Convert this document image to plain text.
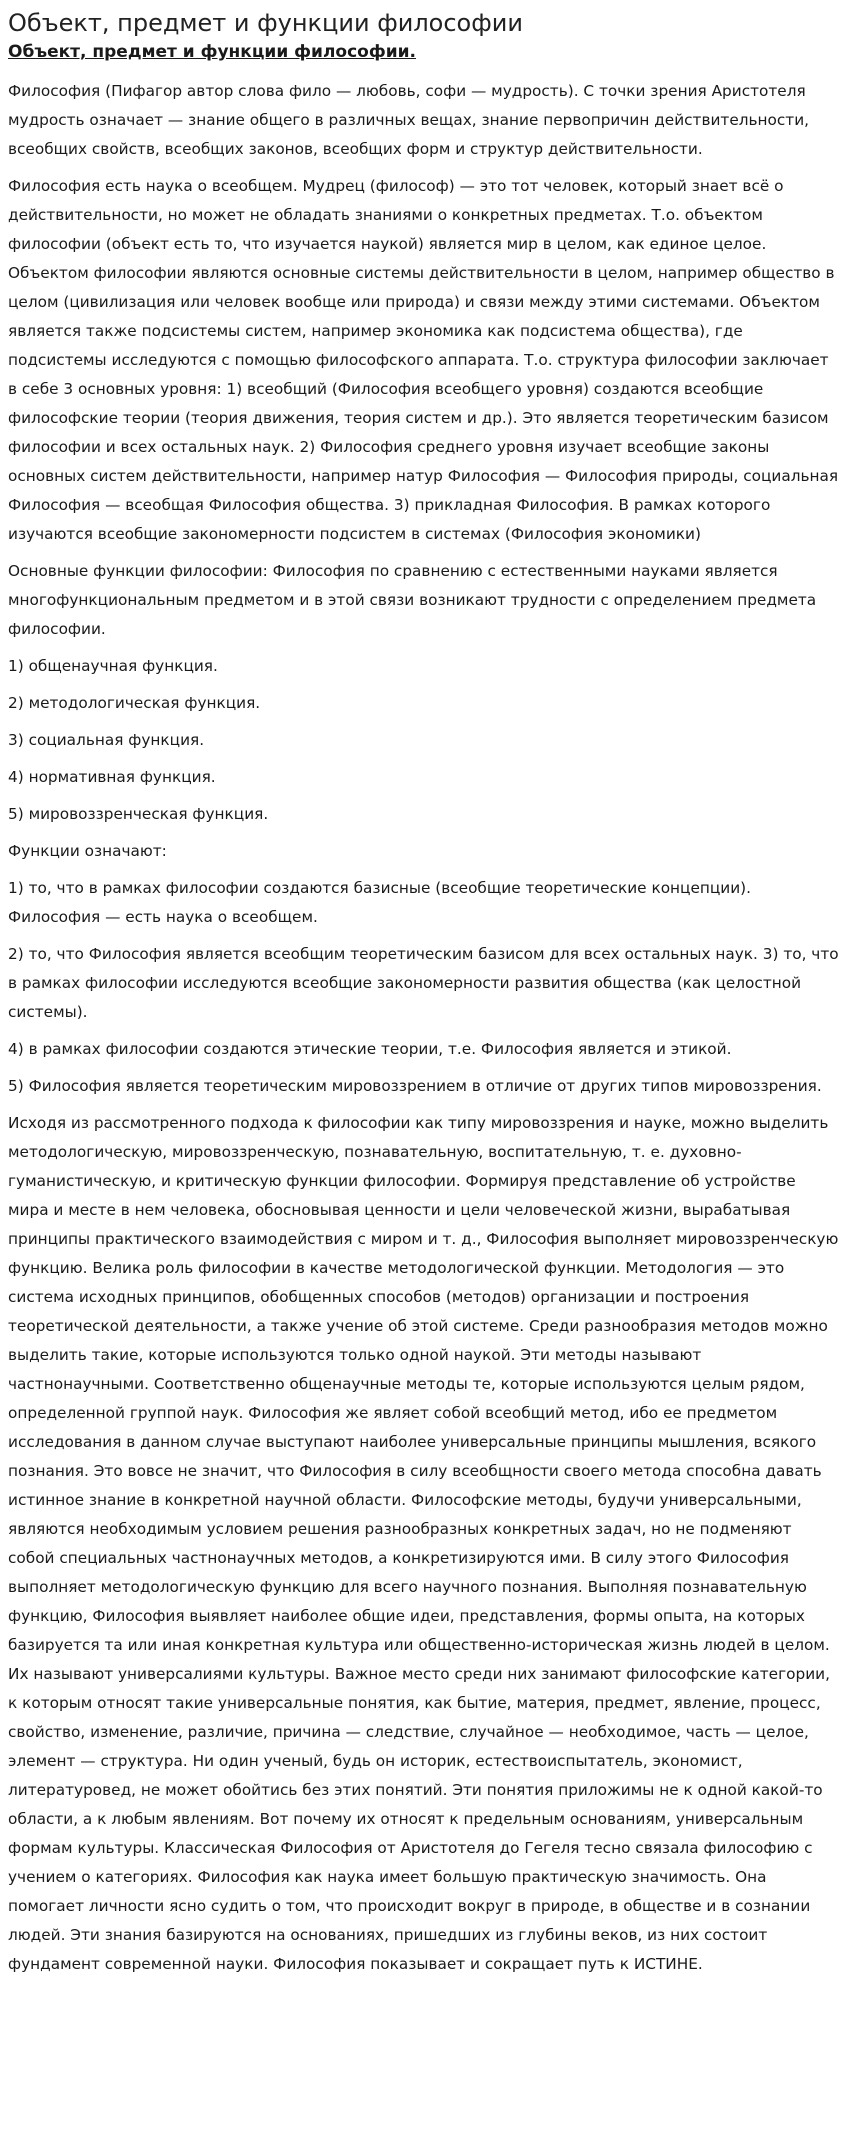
Объект, предмет и функции философии
Объект, предмет и функции философии.

Философия (Пифагор автор слова фило — любовь, софи — мудрость). С точки зрения Аристотеля мудрость означает — знание общего в различных вещах, знание первопричин действительности, всеобщих свойств, всеобщих законов, всеобщих форм и структур действительности.

Философия есть наука о всеобщем. Мудрец (философ) — это тот человек, который знает всё о действительности, но может не обладать знаниями о конкретных предметах. Т.о. объектом философии (объект есть то, что изучается наукой) является мир в целом, как единое целое. Объектом философии являются основные системы действительности в целом, например общество в целом (цивилизация или человек вообще или природа) и связи между этими системами. Объектом является также подсистемы систем, например экономика как подсистема общества), где подсистемы исследуются с помощью философского аппарата. Т.о. структура философии заключает в себе 3 основных уровня: 1) всеобщий (Философия всеобщего уровня) создаются всеобщие философские теории (теория движения, теория систем и др.). Это является теоретическим базисом философии и всех остальных наук. 2) Философия среднего уровня изучает всеобщие законы основных систем действительности, например натур Философия — Философия природы, социальная Философия — всеобщая Философия общества. 3) прикладная Философия. В рамках которого изучаются всеобщие закономерности подсистем в системах (Философия экономики)

Основные функции философии: Философия по сравнению с естественными науками является многофункциональным предметом и в этой связи возникают трудности с определением предмета философии.

1) общенаучная функция.

2) методологическая функция.

3) социальная функция.

4) нормативная функция.

5) мировоззренческая функция.

Функции означают:

1) то, что в рамках философии создаются базисные (всеобщие теоретические концепции). Философия — есть наука о всеобщем.

2) то, что Философия является всеобщим теоретическим базисом для всех остальных наук. 3) то, что в рамках философии исследуются всеобщие закономерности развития общества (как целостной системы).

4) в рамках философии создаются этические теории, т.е. Философия является и этикой.

5) Философия является теоретическим мировоззрением в отличие от других типов мировоззрения.

Исходя из рассмотренного подхода к философии как типу мировоззрения и науке, можно выделить методологическую, мировоззренческую, познавательную, воспитательную, т. е. духовно-гуманистическую, и критическую функции философии. Формируя представление об устройстве мира и месте в нем человека, обосновывая ценности и цели человеческой жизни, вырабатывая принципы практического взаимодействия с миром и т. д., Философия выполняет мировоззренческую функцию. Велика роль философии в качестве методологической функции. Методология — это система исходных принципов, обобщенных способов (методов) организации и построения теоретической деятельности, а также учение об этой системе. Среди разнообразия методов можно выделить такие, которые используются только одной наукой. Эти методы называют частнонаучными. Соответственно общенаучные методы те, которые используются целым рядом, определенной группой наук. Философия же являет собой всеобщий метод, ибо ее предметом исследования в данном случае выступают наиболее универсальные принципы мышления, всякого познания. Это вовсе не значит, что Философия в силу всеобщности своего метода способна давать истинное знание в конкретной научной области. Философские методы, будучи универсальными, являются необходимым условием решения разнообразных конкретных задач, но не подменяют собой специальных частнонаучных методов, а конкретизируются ими. В силу этого Философия выполняет методологическую функцию для всего научного познания. Выполняя познавательную функцию, Философия выявляет наиболее общие идеи, представления, формы опыта, на которых базируется та или иная конкретная культура или общественно-историческая жизнь людей в целом. Их называют универсалиями культуры. Важное место среди них занимают философские категории, к которым относят такие универсальные понятия, как бытие, материя, предмет, явление, процесс, свойство, изменение, различие, причина — следствие, случайное — необходимое, часть — целое, элемент — структура. Ни один ученый, будь он историк, естествоиспытатель, экономист, литературовед, не может обойтись без этих понятий. Эти понятия приложимы не к одной какой-то области, а к любым явлениям. Вот почему их относят к предельным основаниям, универсальным формам культуры. Классическая Философия от Аристотеля до Гегеля тесно связала философию с учением о категориях. Философия как наука имеет большую практическую значимость. Она помогает личности ясно судить о том, что происходит вокруг в природе, в обществе и в сознании людей. Эти знания базируются на основаниях, пришедших из глубины веков, из них состоит фундамент современной науки. Философия показывает и сокращает путь к ИСТИНЕ.
